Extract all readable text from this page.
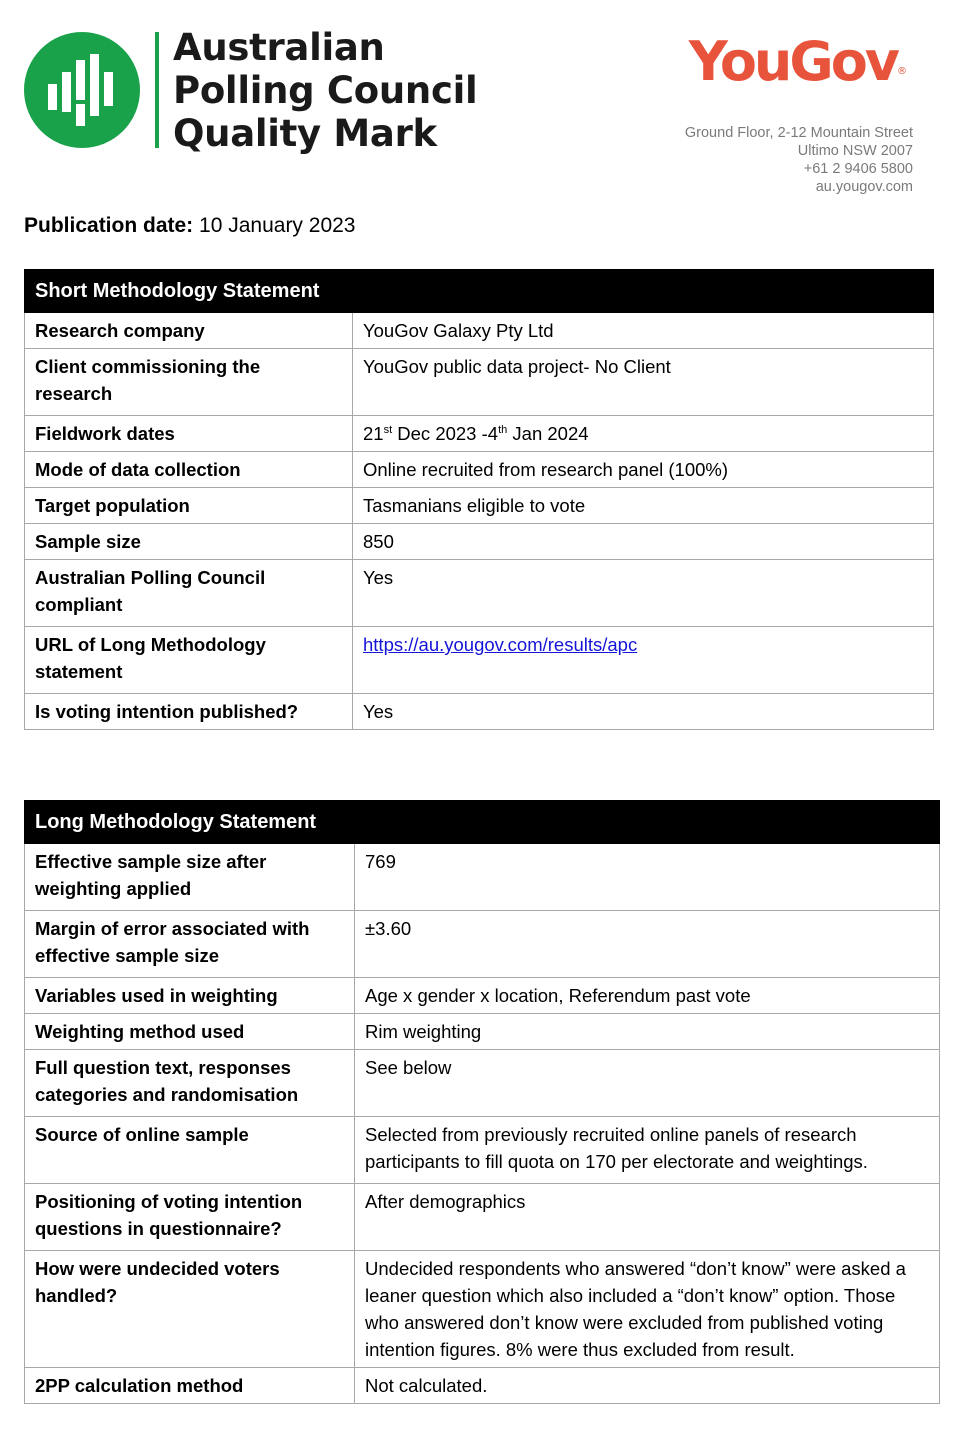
Australian
Polling Council
Quality Mark
YouGov®
Ground Floor, 2-12 Mountain Street
Ultimo NSW 2007
+61 2 9406 5800
au.yougov.com
Publication date: 10 January 2023
Short Methodology Statement	
Research company	YouGov Galaxy Pty Ltd
Client commissioning the research	YouGov public data project- No Client
Fieldwork dates	21st Dec 2023 -4th Jan 2024
Mode of data collection	Online recruited from research panel (100%)
Target population	Tasmanians eligible to vote
Sample size	850
Australian Polling Council compliant	Yes
URL of Long Methodology statement	https://au.yougov.com/results/apc
Is voting intention published?	Yes
Long Methodology Statement	
Effective sample size after weighting applied	769
Margin of error associated with effective sample size	±3.60
Variables used in weighting	Age x gender x location, Referendum past vote
Weighting method used	Rim weighting
Full question text, responses categories and randomisation	See below
Source of online sample	Selected from previously recruited online panels of research participants to fill quota on 170 per electorate and weightings.
Positioning of voting intention questions in questionnaire?	After demographics
How were undecided voters handled?	Undecided respondents who answered “don’t know” were asked a leaner question which also included a “don’t know” option. Those who answered don’t know were excluded from published voting intention figures. 8% were thus excluded from result.
2PP calculation method	Not calculated.
